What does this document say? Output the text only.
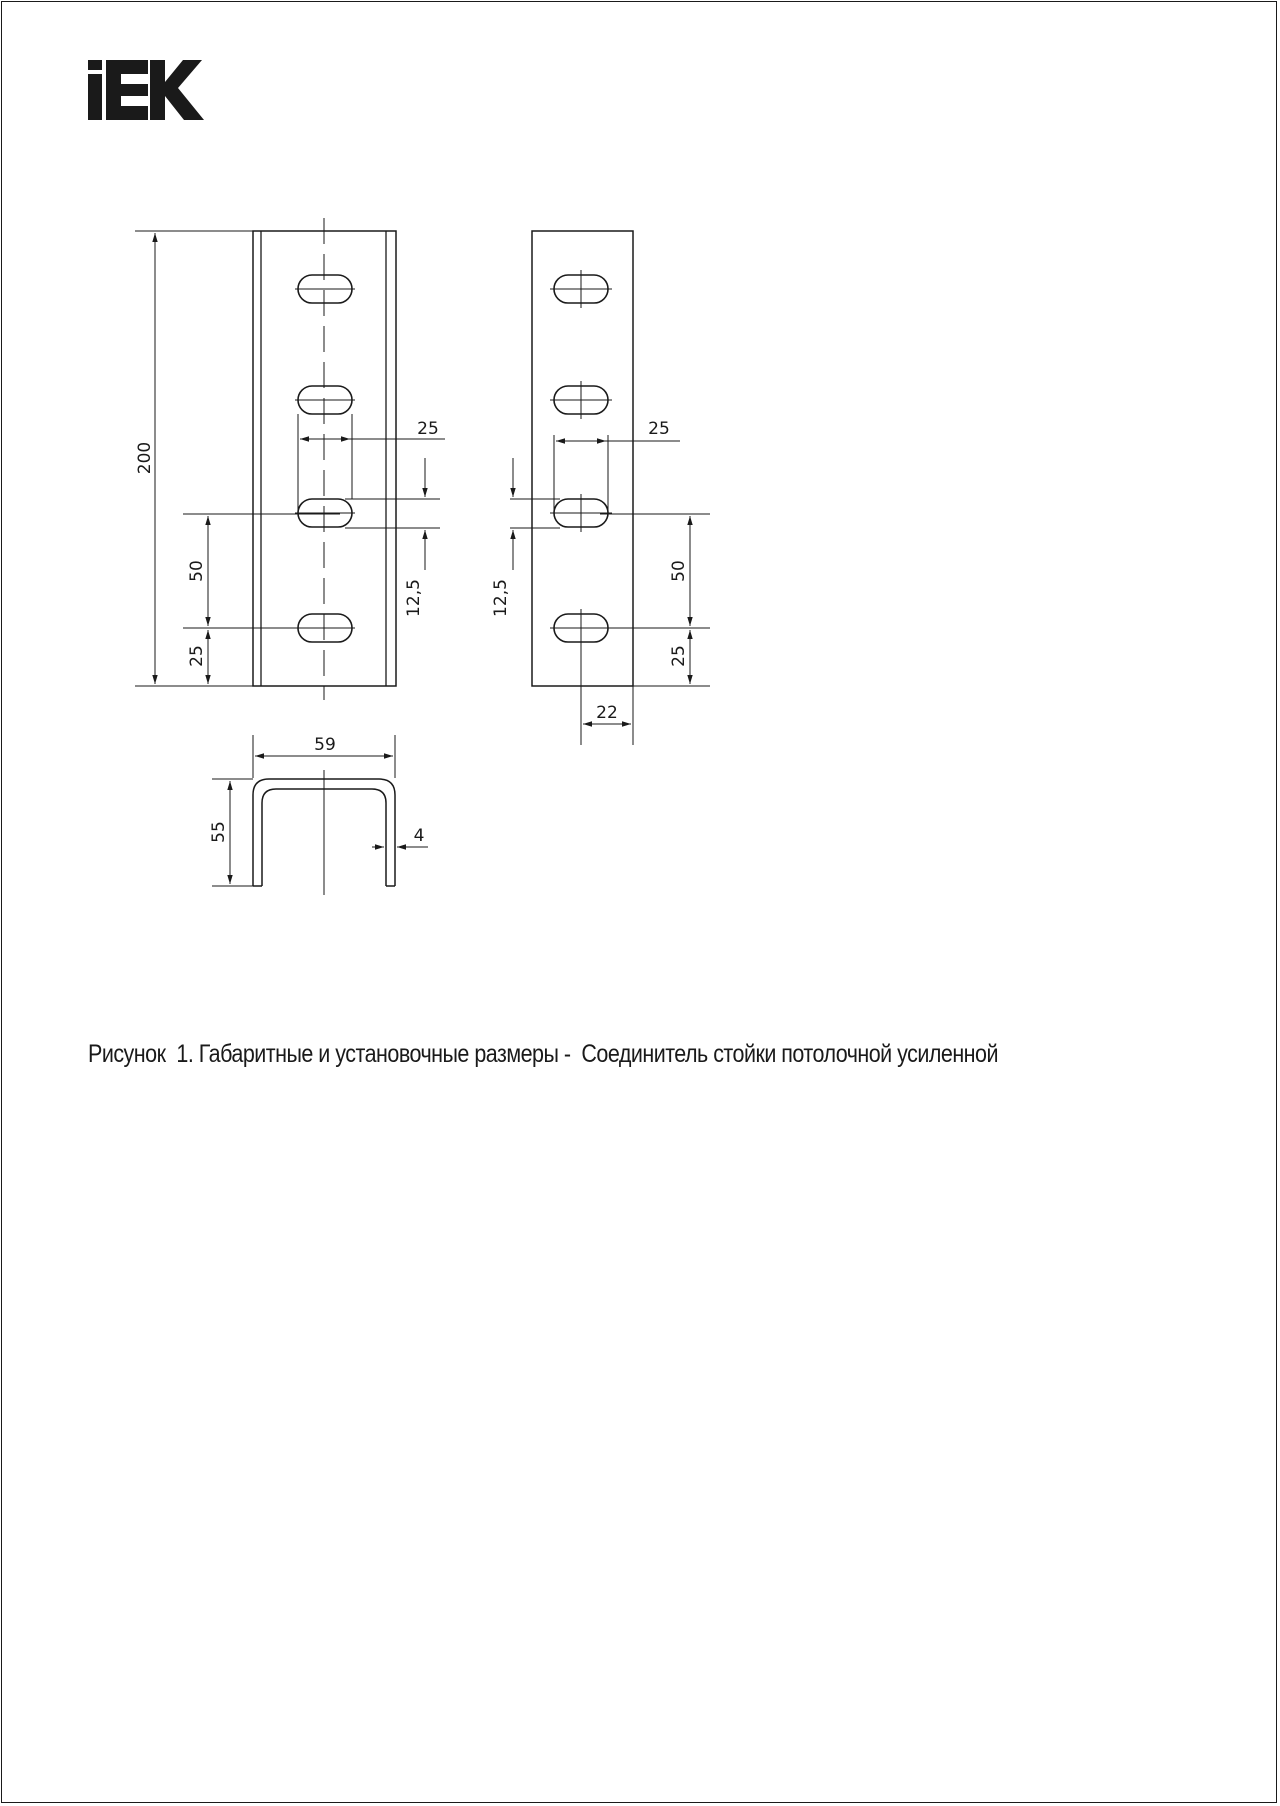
200
50
25
25
12,5
25
12,5
50
25
22
59
55	4
Рисунок  1. Габаритные и установочные размеры -  Соединитель стойки потолочной усиленной
